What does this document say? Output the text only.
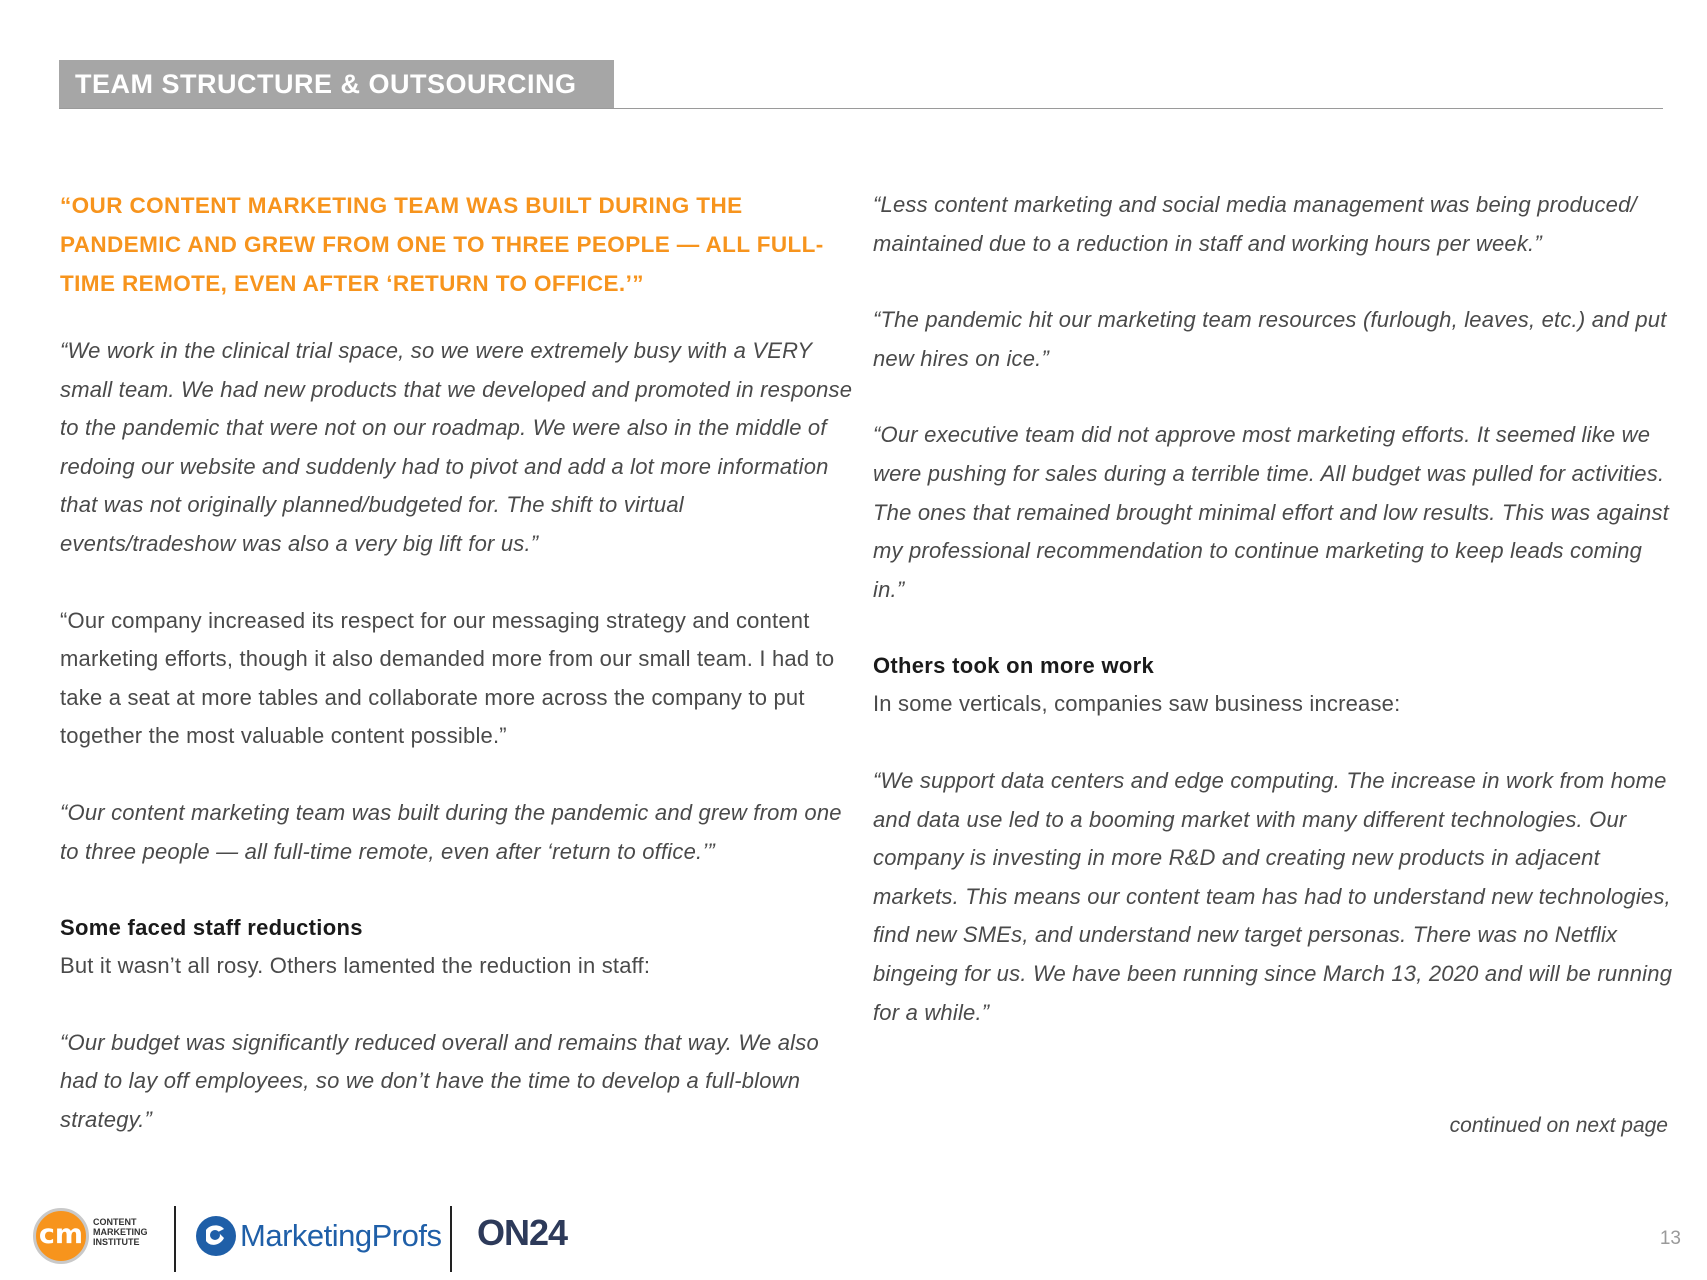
TEAM STRUCTURE & OUTSOURCING

“OUR CONTENT MARKETING TEAM WAS BUILT DURING THE PANDEMIC AND GREW FROM ONE TO THREE PEOPLE — ALL FULL-TIME REMOTE, EVEN AFTER ‘RETURN TO OFFICE.’”

“We work in the clinical trial space, so we were extremely busy with a VERY small team. We had new products that we developed and promoted in response to the pandemic that were not on our roadmap. We were also in the middle of redoing our website and suddenly had to pivot and add a lot more information that was not originally planned/budgeted for. The shift to virtual events/tradeshow was also a very big lift for us.”

“Our company increased its respect for our messaging strategy and content marketing efforts, though it also demanded more from our small team. I had to take a seat at more tables and collaborate more across the company to put together the most valuable content possible.”

“Our content marketing team was built during the pandemic and grew from one to three people — all full-time remote, even after ‘return to office.’”

Some faced staff reductions

But it wasn’t all rosy. Others lamented the reduction in staff:

“Our budget was significantly reduced overall and remains that way. We also had to lay off employees, so we don’t have the time to develop a full-blown strategy.”

“Less content marketing and social media management was being produced/ maintained due to a reduction in staff and working hours per week.”

“The pandemic hit our marketing team resources (furlough, leaves, etc.) and put new hires on ice.”

“Our executive team did not approve most marketing efforts. It seemed like we were pushing for sales during a terrible time. All budget was pulled for activities. The ones that remained brought minimal effort and low results. This was against my professional recommendation to continue marketing to keep leads coming in.”

Others took on more work

In some verticals, companies saw business increase:

“We support data centers and edge computing. The increase in work from home and data use led to a booming market with many different technologies. Our company is investing in more R&D and creating new products in adjacent markets. This means our content team has had to understand new technologies, find new SMEs, and understand new target personas. There was no Netflix bingeing for us. We have been running since March 13, 2020 and will be running for a while.”

continued on next page
cm	CONTENT MARKETING INSTITUTE	MarketingProfs ON24	13
